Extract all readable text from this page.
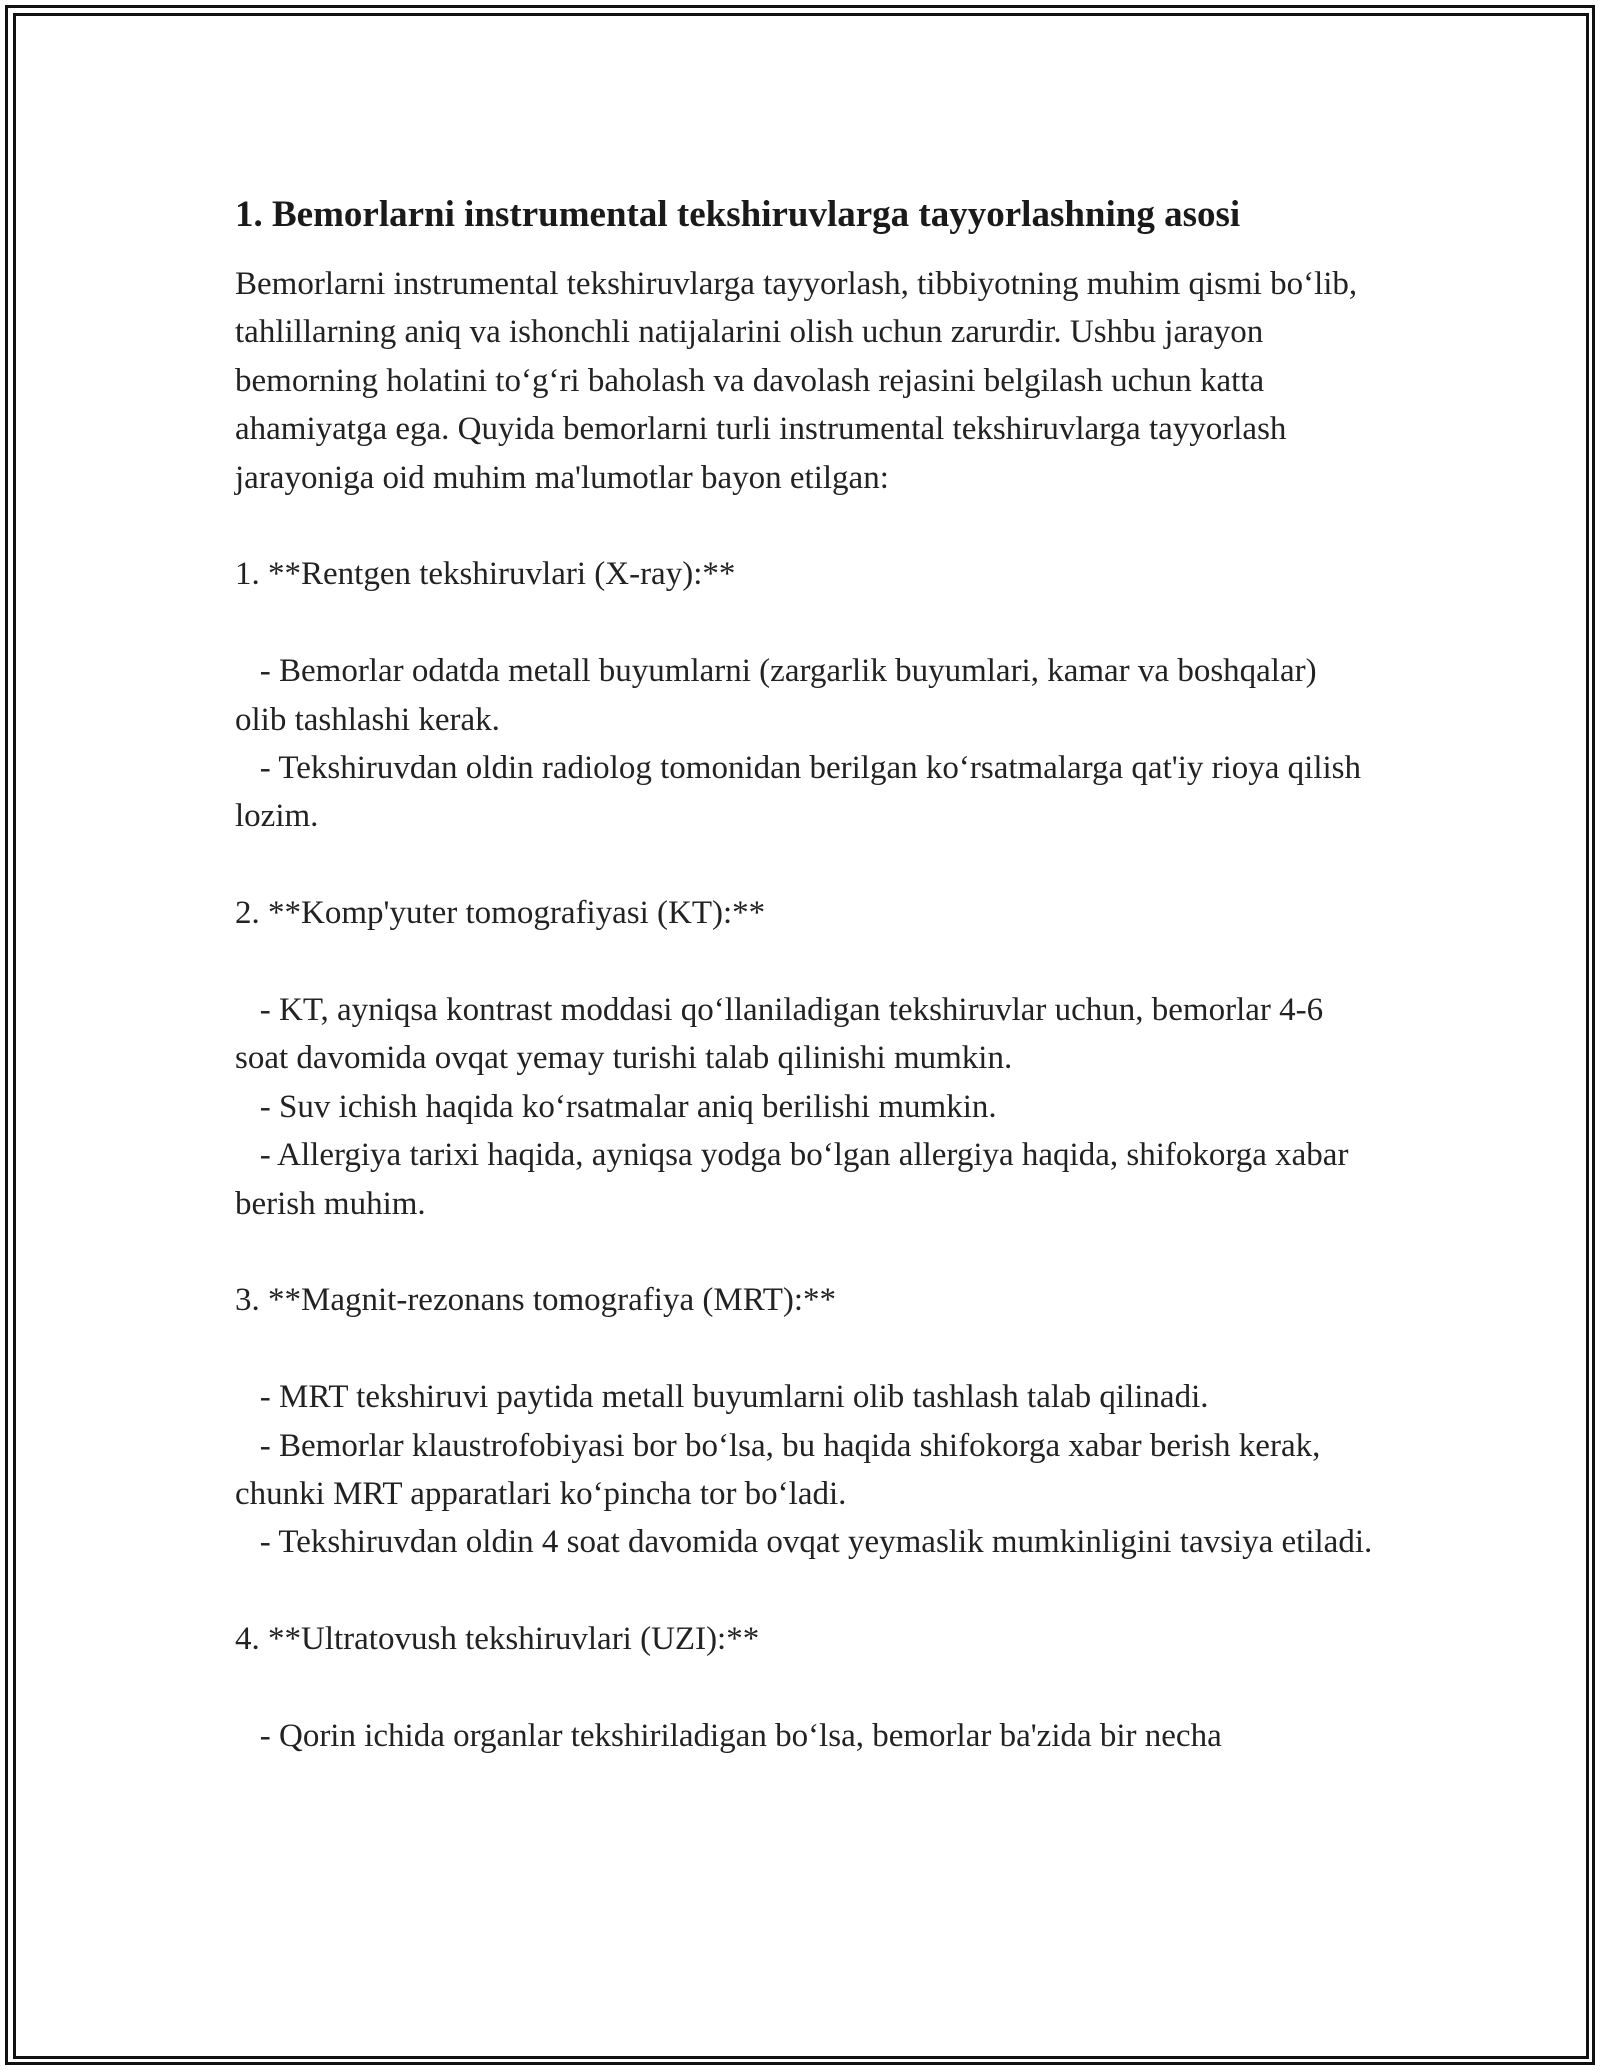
1. Bemorlarni instrumental tekshiruvlarga tayyorlashning asosi

Bemorlarni instrumental tekshiruvlarga tayyorlash, tibbiyotning muhim qismi bo‘lib, tahlillarning aniq va ishonchli natijalarini olish uchun zarurdir. Ushbu jarayon bemorning holatini to‘g‘ri baholash va davolash rejasini belgilash uchun katta ahamiyatga ega. Quyida bemorlarni turli instrumental tekshiruvlarga tayyorlash jarayoniga oid muhim ma'lumotlar bayon etilgan:

1. **Rentgen tekshiruvlari (X-ray):**

- Bemorlar odatda metall buyumlarni (zargarlik buyumlari, kamar va boshqalar) olib tashlashi kerak.

- Tekshiruvdan oldin radiolog tomonidan berilgan ko‘rsatmalarga qat'iy rioya qilish lozim.

2. **Komp'yuter tomografiyasi (KT):**

- KT, ayniqsa kontrast moddasi qo‘llaniladigan tekshiruvlar uchun, bemorlar 4-6 soat davomida ovqat yemay turishi talab qilinishi mumkin.

- Suv ichish haqida ko‘rsatmalar aniq berilishi mumkin.

- Allergiya tarixi haqida, ayniqsa yodga bo‘lgan allergiya haqida, shifokorga xabar berish muhim.

3. **Magnit-rezonans tomografiya (MRT):**

- MRT tekshiruvi paytida metall buyumlarni olib tashlash talab qilinadi.

- Bemorlar klaustrofobiyasi bor bo‘lsa, bu haqida shifokorga xabar berish kerak, chunki MRT apparatlari ko‘pincha tor bo‘ladi.

- Tekshiruvdan oldin 4 soat davomida ovqat yeymaslik mumkinligini tavsiya etiladi.

4. **Ultratovush tekshiruvlari (UZI):**

- Qorin ichida organlar tekshiriladigan bo‘lsa, bemorlar ba'zida bir necha
